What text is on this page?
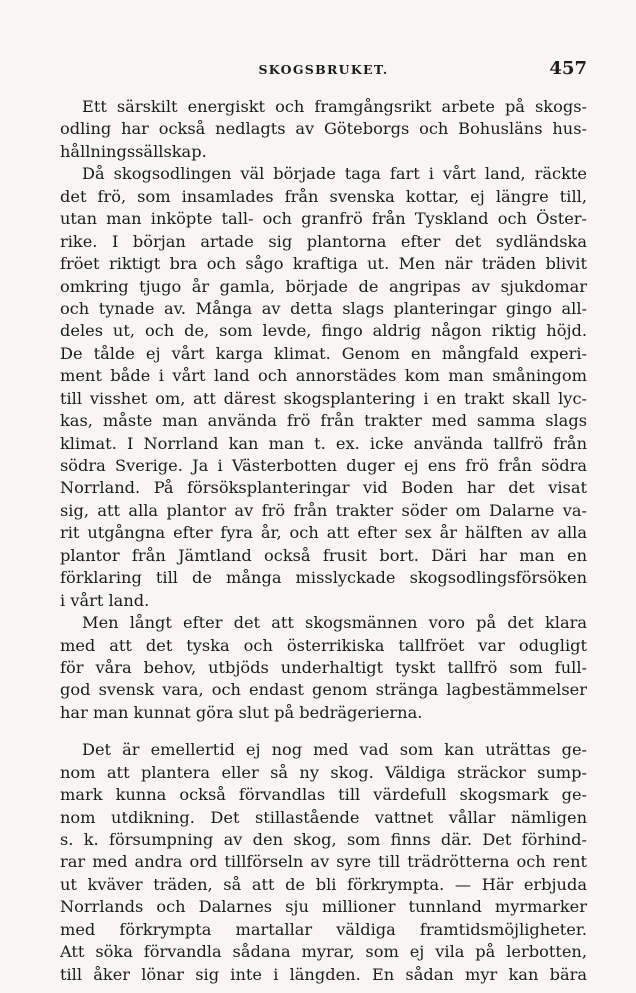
SKOGSBRUKET.	457
Ett särskilt energiskt och framgångsrikt arbete på skogs-
odling har också nedlagts av Göteborgs och Bohusläns hus-
hållningssällskap.
Då skogsodlingen väl började taga fart i vårt land, räckte
det frö, som insamlades från svenska kottar, ej längre till,
utan man inköpte tall- och granfrö från Tyskland och Öster-
rike. I början artade sig plantorna efter det sydländska
fröet riktigt bra och sågo kraftiga ut. Men när träden blivit
omkring tjugo år gamla, började de angripas av sjukdomar
och tynade av. Många av detta slags planteringar gingo all-
deles ut, och de, som levde, fingo aldrig någon riktig höjd.
De tålde ej vårt karga klimat. Genom en mångfald experi-
ment både i vårt land och annorstädes kom man småningom
till visshet om, att därest skogsplantering i en trakt skall lyc-
kas, måste man använda frö från trakter med samma slags
klimat. I Norrland kan man t. ex. icke använda tallfrö från
södra Sverige. Ja i Västerbotten duger ej ens frö från södra
Norrland. På försöksplanteringar vid Boden har det visat
sig, att alla plantor av frö från trakter söder om Dalarne va-
rit utgångna efter fyra år, och att efter sex år hälften av alla
plantor från Jämtland också frusit bort. Däri har man en
förklaring till de många misslyckade skogsodlingsförsöken
i vårt land.
Men långt efter det att skogsmännen voro på det klara
med att det tyska och österrikiska tallfröet var odugligt
för våra behov, utbjöds underhaltigt tyskt tallfrö som full-
god svensk vara, och endast genom stränga lagbestämmelser
har man kunnat göra slut på bedrägerierna.
Det är emellertid ej nog med vad som kan uträttas ge-
nom att plantera eller så ny skog. Väldiga sträckor sump-
mark kunna också förvandlas till värdefull skogsmark ge-
nom utdikning. Det stillastående vattnet vållar nämligen
s. k. försumpning av den skog, som finns där. Det förhind-
rar med andra ord tillförseln av syre till trädrötterna och rent
ut kväver träden, så att de bli förkrympta. — Här erbjuda
Norrlands och Dalarnes sju millioner tunnland myrmarker
med förkrympta martallar väldiga framtidsmöjligheter.
Att söka förvandla sådana myrar, som ej vila på lerbotten,
till åker lönar sig inte i längden. En sådan myr kan bära
